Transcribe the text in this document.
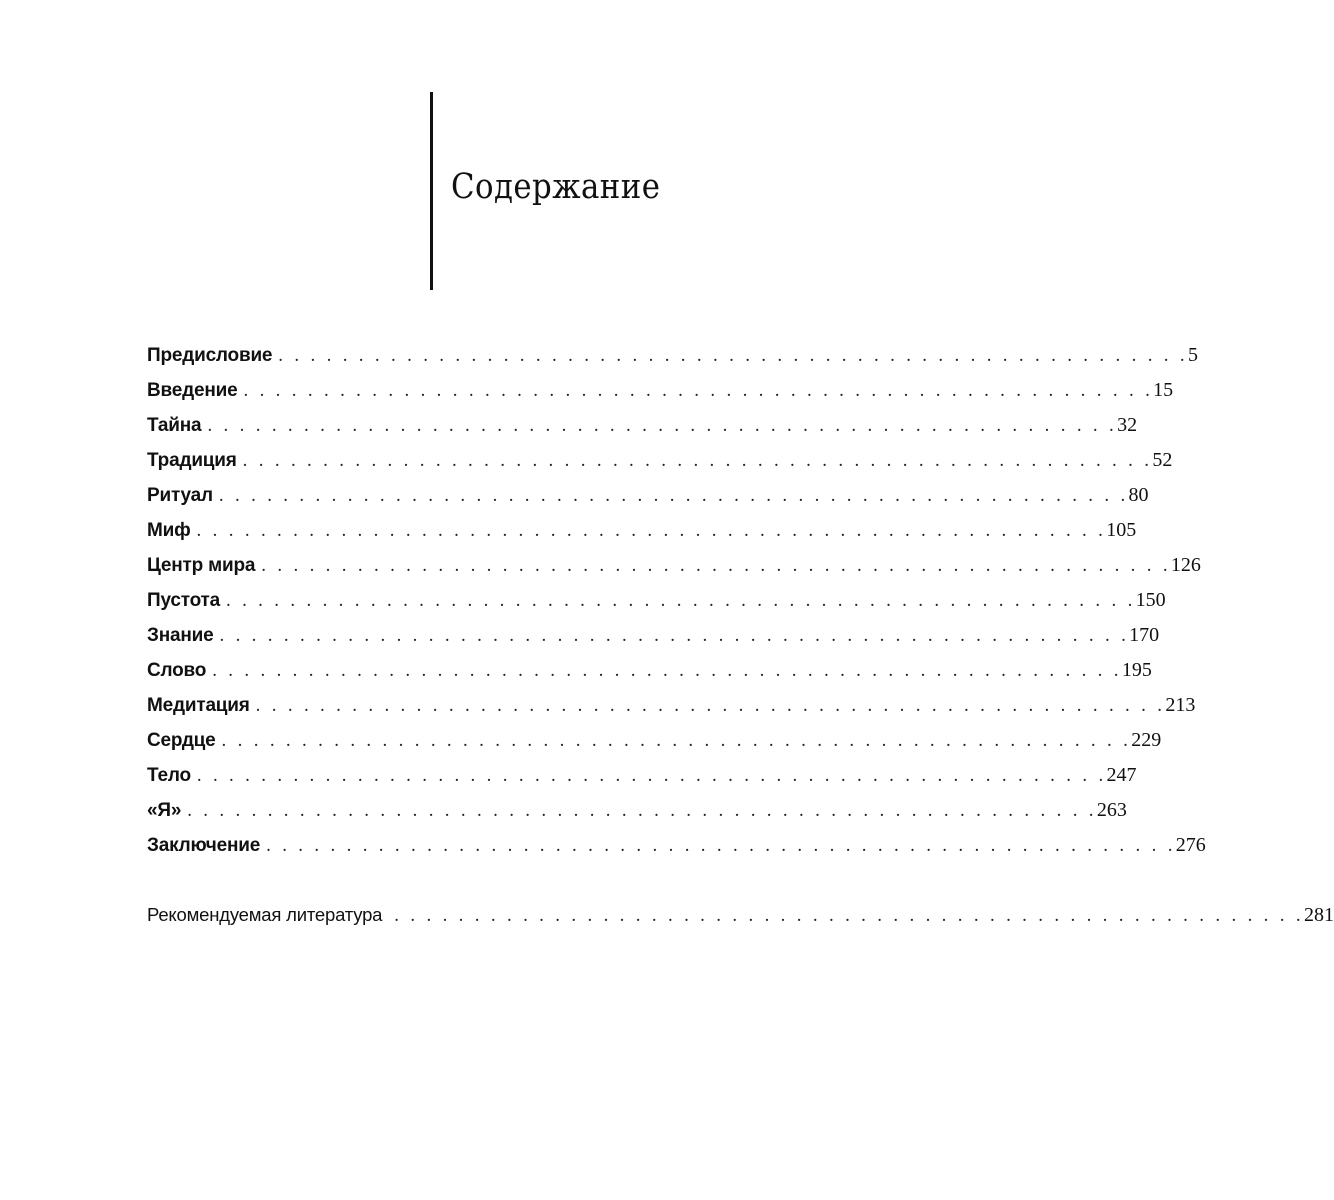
Содержание
Предисловие . . . . . . . . . . . . . . . . . . . . . . . . . . . . . . . . . . . . . . . . . . . . . . . . . . . . . . . . . 5
Введение . . . . . . . . . . . . . . . . . . . . . . . . . . . . . . . . . . . . . . . . . . . . . . . . . . . . . . . . . 15
Тайна . . . . . . . . . . . . . . . . . . . . . . . . . . . . . . . . . . . . . . . . . . . . . . . . . . . . . . . . . 32
Традиция . . . . . . . . . . . . . . . . . . . . . . . . . . . . . . . . . . . . . . . . . . . . . . . . . . . . . . . . . 52
Ритуал . . . . . . . . . . . . . . . . . . . . . . . . . . . . . . . . . . . . . . . . . . . . . . . . . . . . . . . . . 80
Миф . . . . . . . . . . . . . . . . . . . . . . . . . . . . . . . . . . . . . . . . . . . . . . . . . . . . . . . . . 105
Центр мира . . . . . . . . . . . . . . . . . . . . . . . . . . . . . . . . . . . . . . . . . . . . . . . . . . . . . . . . . 126
Пустота . . . . . . . . . . . . . . . . . . . . . . . . . . . . . . . . . . . . . . . . . . . . . . . . . . . . . . . . . 150
Знание . . . . . . . . . . . . . . . . . . . . . . . . . . . . . . . . . . . . . . . . . . . . . . . . . . . . . . . . . 170
Слово . . . . . . . . . . . . . . . . . . . . . . . . . . . . . . . . . . . . . . . . . . . . . . . . . . . . . . . . . 195
Медитация . . . . . . . . . . . . . . . . . . . . . . . . . . . . . . . . . . . . . . . . . . . . . . . . . . . . . . . . . 213
Сердце . . . . . . . . . . . . . . . . . . . . . . . . . . . . . . . . . . . . . . . . . . . . . . . . . . . . . . . . . 229
Тело . . . . . . . . . . . . . . . . . . . . . . . . . . . . . . . . . . . . . . . . . . . . . . . . . . . . . . . . . 247
«Я» . . . . . . . . . . . . . . . . . . . . . . . . . . . . . . . . . . . . . . . . . . . . . . . . . . . . . . . . . 263
Заключение . . . . . . . . . . . . . . . . . . . . . . . . . . . . . . . . . . . . . . . . . . . . . . . . . . . . . . . . . 276
Рекомендуемая литература . . . . . . . . . . . . . . . . . . . . . . . . . . . . . . . . . . . . . . . . . . . . . . . . . . . . . . . . . 281
